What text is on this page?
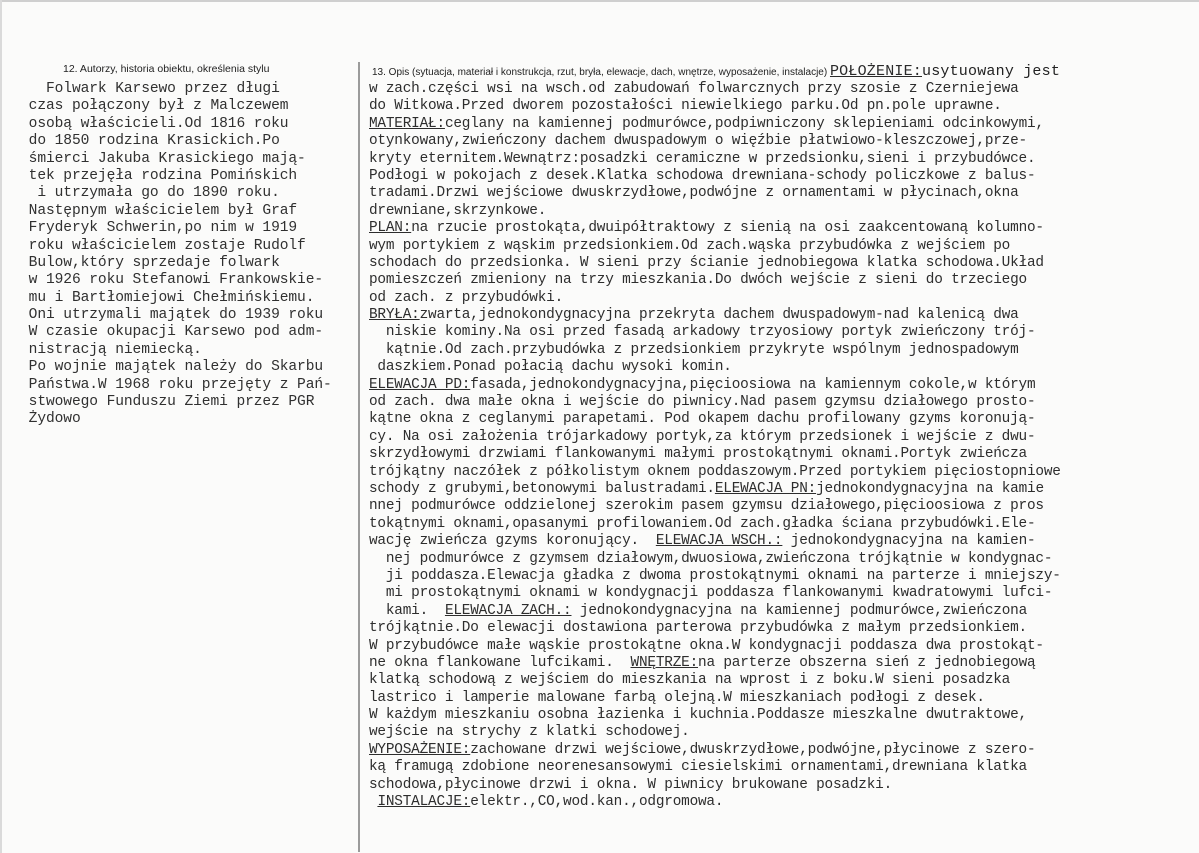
12. Autorzy, historia obiektu, określenia stylu	13. Opis (sytuacja, materiał i konstrukcja, rzut, bryła, elewacje, dach, wnętrze, wyposażenie, instalacje) POŁOŻENIE:usytuowany jest
Folwark Karsewo przez długi
czas połączony był z Malczewem
osobą właścicieli.Od 1816 roku
do 1850 rodzina Krasickich.Po
śmierci Jakuba Krasickiego mają-
tek przejęła rodzina Pomińskich
i utrzymała go do 1890 roku.
Następnym właścicielem był Graf
Fryderyk Schwerin,po nim w 1919
roku właścicielem zostaje Rudolf
Bulow,który sprzedaje folwark
w 1926 roku Stefanowi Frankowskie-
mu i Bartłomiejowi Chełmińskiemu.
Oni utrzymali majątek do 1939 roku
W czasie okupacji Karsewo pod adm-
nistracją niemiecką.
Po wojnie majątek należy do Skarbu
Państwa.W 1968 roku przejęty z Pań-
stwowego Funduszu Ziemi przez PGR
Żydowo
w zach.części wsi na wsch.od zabudowań folwarcznych przy szosie z Czerniejewa
do Witkowa.Przed dworem pozostałości niewielkiego parku.Od pn.pole uprawne.
MATERIAŁ:ceglany na kamiennej podmurówce,podpiwniczony sklepieniami odcinkowymi,
otynkowany,zwieńczony dachem dwuspadowym o więźbie płatwiowo-kleszczowej,prze-
kryty eternitem.Wewnątrz:posadzki ceramiczne w przedsionku,sieni i przybudówce.
Podłogi w pokojach z desek.Klatka schodowa drewniana-schody policzkowe z balus-
tradami.Drzwi wejściowe dwuskrzydłowe,podwójne z ornamentami w płycinach,okna
drewniane,skrzynkowe.
PLAN:na rzucie prostokąta,dwuipółtraktowy z sienią na osi zaakcentowaną kolumno-
wym portykiem z wąskim przedsionkiem.Od zach.wąska przybudówka z wejściem po
schodach do przedsionka. W sieni przy ścianie jednobiegowa klatka schodowa.Układ
pomieszczeń zmieniony na trzy mieszkania.Do dwóch wejście z sieni do trzeciego
od zach. z przybudówki.
BRYŁA:zwarta,jednokondygnacyjna przekryta dachem dwuspadowym-nad kalenicą dwa
niskie kominy.Na osi przed fasadą arkadowy trzyosiowy portyk zwieńczony trój-
kątnie.Od zach.przybudówka z przedsionkiem przykryte wspólnym jednospadowym
daszkiem.Ponad połacią dachu wysoki komin.
ELEWACJA PD:fasada,jednokondygnacyjna,pięcioosiowa na kamiennym cokole,w którym
od zach. dwa małe okna i wejście do piwnicy.Nad pasem gzymsu działowego prosto-
kątne okna z ceglanymi parapetami. Pod okapem dachu profilowany gzyms koronują-
cy. Na osi założenia trójarkadowy portyk,za którym przedsionek i wejście z dwu-
skrzydłowymi drzwiami flankowanymi małymi prostokątnymi oknami.Portyk zwieńcza
trójkątny naczółek z półkolistym oknem poddaszowym.Przed portykiem pięciostopniowe
schody z grubymi,betonowymi balustradami.ELEWACJA PN:jednokondygnacyjna na kamie
nnej podmurówce oddzielonej szerokim pasem gzymsu działowego,pięcioosiowa z pros
tokątnymi oknami,opasanymi profilowaniem.Od zach.gładka ściana przybudówki.Ele-
wację zwieńcza gzyms koronujący.  ELEWACJA WSCH.: jednokondygnacyjna na kamien-
nej podmurówce z gzymsem działowym,dwuosiowa,zwieńczona trójkątnie w kondygnac-
ji poddasza.Elewacja gładka z dwoma prostokątnymi oknami na parterze i mniejszy-
mi prostokątnymi oknami w kondygnacji poddasza flankowanymi kwadratowymi lufci-
kami.  ELEWACJA ZACH.: jednokondygnacyjna na kamiennej podmurówce,zwieńczona
trójkątnie.Do elewacji dostawiona parterowa przybudówka z małym przedsionkiem.
W przybudówce małe wąskie prostokątne okna.W kondygnacji poddasza dwa prostokąt-
ne okna flankowane lufcikami.  WNĘTRZE:na parterze obszerna sień z jednobiegową
klatką schodową z wejściem do mieszkania na wprost i z boku.W sieni posadzka
lastrico i lamperie malowane farbą olejną.W mieszkaniach podłogi z desek.
W każdym mieszkaniu osobna łazienka i kuchnia.Poddasze mieszkalne dwutraktowe,
wejście na strychy z klatki schodowej.
WYPOSAŻENIE:zachowane drzwi wejściowe,dwuskrzydłowe,podwójne,płycinowe z szero-
ką framugą zdobione neorenesansowymi ciesielskimi ornamentami,drewniana klatka
schodowa,płycinowe drzwi i okna. W piwnicy brukowane posadzki.
INSTALACJE:elektr.,CO,wod.kan.,odgromowa.
